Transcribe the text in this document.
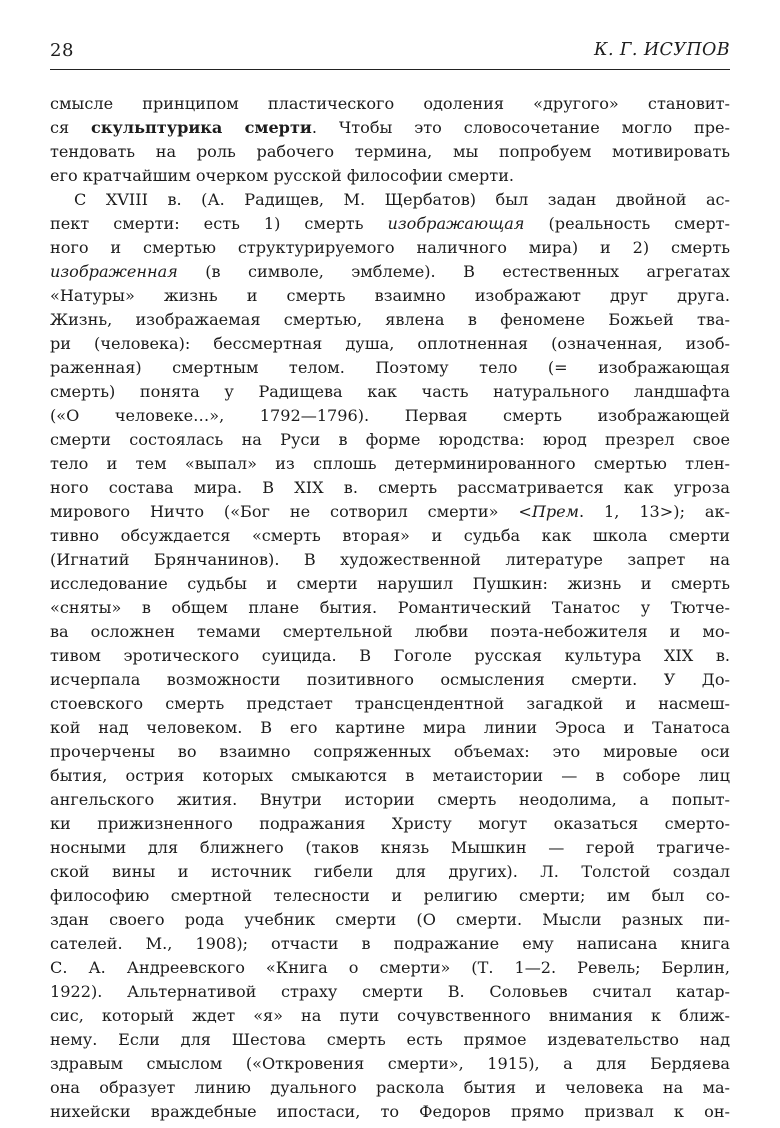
28	К. Г. ИСУПОВ
смысле принципом пластического одоления «другого» становит-
ся скульптурика смерти. Чтобы это словосочетание могло пре-
тендовать на роль рабочего термина, мы попробуем мотивировать
его кратчайшим очерком русской философии смерти.
С XVIII в. (А. Радищев, М. Щербатов) был задан двойной ас-
пект смерти: есть 1) смерть изображающая (реальность смерт-
ного и смертью структурируемого наличного мира) и 2) смерть
изображенная (в символе, эмблеме). В естественных агрегатах
«Натуры» жизнь и смерть взаимно изображают друг друга.
Жизнь, изображаемая смертью, явлена в феномене Божьей тва-
ри (человека): бессмертная душа, оплотненная (означенная, изоб-
раженная) смертным телом. Поэтому тело (= изображающая
смерть) понята у Радищева как часть натурального ландшафта
(«О человеке…», 1792—1796). Первая смерть изображающей
смерти состоялась на Руси в форме юродства: юрод презрел свое
тело и тем «выпал» из сплошь детерминированного смертью тлен-
ного состава мира. В XIX в. смерть рассматривается как угроза
мирового Ничто («Бог не сотворил смерти» <Прем. 1, 13>); ак-
тивно обсуждается «смерть вторая» и судьба как школа смерти
(Игнатий Брянчанинов). В художественной литературе запрет на
исследование судьбы и смерти нарушил Пушкин: жизнь и смерть
«сняты» в общем плане бытия. Романтический Танатос у Тютче-
ва осложнен темами смертельной любви поэта-небожителя и мо-
тивом эротического суицида. В Гоголе русская культура XIX в.
исчерпала возможности позитивного осмысления смерти. У До-
стоевского смерть предстает трансцендентной загадкой и насмеш-
кой над человеком. В его картине мира линии Эроса и Танатоса
прочерчены во взаимно сопряженных объемах: это мировые оси
бытия, острия которых смыкаются в метаистории — в соборе лиц
ангельского жития. Внутри истории смерть неодолима, а попыт-
ки прижизненного подражания Христу могут оказаться смерто-
носными для ближнего (таков князь Мышкин — герой трагиче-
ской вины и источник гибели для других). Л. Толстой создал
философию смертной телесности и религию смерти; им был со-
здан своего рода учебник смерти (О смерти. Мысли разных пи-
сателей. М., 1908); отчасти в подражание ему написана книга
С. А. Андреевского «Книга о смерти» (Т. 1—2. Ревель; Берлин,
1922). Альтернативой страху смерти В. Соловьев считал катар-
сис, который ждет «я» на пути сочувственного внимания к ближ-
нему. Если для Шестова смерть есть прямое издевательство над
здравым смыслом («Откровения смерти», 1915), а для Бердяева
она образует линию дуального раскола бытия и человека на ма-
нихейски враждебные ипостаси, то Федоров прямо призвал к он-
